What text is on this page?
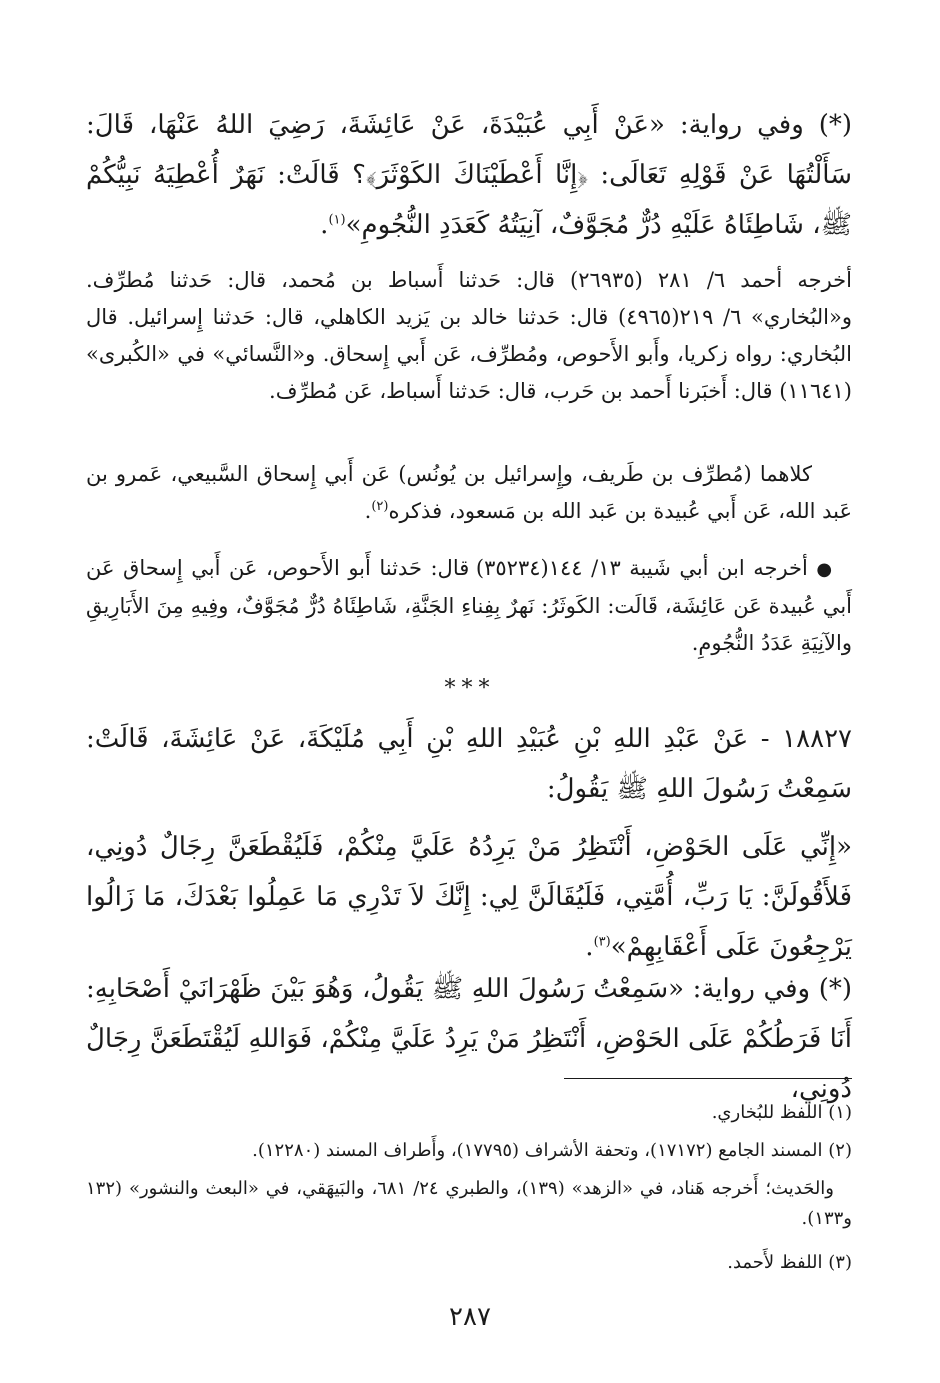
(*) وفي رواية: «عَنْ أَبِي عُبَيْدَةَ، عَنْ عَائِشَةَ، رَضِيَ اللهُ عَنْهَا، قَالَ: سَأَلْتُهَا عَنْ قَوْلِهِ تَعَالَى: ﴿إِنَّا أَعْطَيْنَاكَ الكَوْثَرَ﴾؟ قَالَتْ: نَهَرٌ أُعْطِيَهُ نَبِيُّكُمْ ﷺ، شَاطِئَاهُ عَلَيْهِ دُرٌّ مُجَوَّفٌ، آنِيَتُهُ كَعَدَدِ النُّجُومِ»$^{(١)}$.

أخرجه أحمد ٦/ ٢٨١ (٢٦٩٣٥) قال: حَدثنا أَسباط بن مُحمد، قال: حَدثنا مُطرِّف. و«البُخاري» ٦/ ٢١٩(٤٩٦٥) قال: حَدثنا خالد بن يَزيد الكاهلي، قال: حَدثنا إِسرائيل. قال البُخاري: رواه زكريا، وأَبو الأَحوص، ومُطرِّف، عَن أَبي إِسحاق. و«النَّسائي» في «الكُبرى» (١١٦٤١) قال: أَخبَرنا أَحمد بن حَرب، قال: حَدثنا أَسباط، عَن مُطرِّف.

كلاهما (مُطرِّف بن طَريف، وإِسرائيل بن يُونُس) عَن أَبي إِسحاق السَّبيعي، عَمرو بن عَبد الله، عَن أَبي عُبيدة بن عَبد الله بن مَسعود، فذكره$^{(٢)}$.

● أخرجه ابن أبي شَيبة ١٣/ ١٤٤(٣٥٢٣٤) قال: حَدثنا أَبو الأَحوص، عَن أَبي إِسحاق عَن أَبي عُبيدة عَن عَائِشَة، قَالَت: الكَوثَرُ: نَهرٌ بِفِناءِ الجَنَّةِ، شَاطِئَاهُ دُرٌّ مُجَوَّفٌ، وفِيهِ مِنَ الأَبَارِيقِ والآنِيَةِ عَدَدُ النُّجُومِ.

***

١٨٨٢٧ - عَنْ عَبْدِ اللهِ بْنِ عُبَيْدِ اللهِ بْنِ أَبِي مُلَيْكَةَ، عَنْ عَائِشَةَ، قَالَتْ: سَمِعْتُ رَسُولَ اللهِ ﷺ يَقُولُ:

«إِنِّي عَلَى الحَوْضِ، أَنْتَظِرُ مَنْ يَرِدُهُ عَلَيَّ مِنْكُمْ، فَلَيُقْطَعَنَّ رِجَالٌ دُونِي، فَلأَقُولَنَّ: يَا رَبِّ، أُمَّتِي، فَلَيُقَالَنَّ لِي: إِنَّكَ لاَ تَدْرِي مَا عَمِلُوا بَعْدَكَ، مَا زَالُوا يَرْجِعُونَ عَلَى أَعْقَابِهِمْ»$^{(٣)}$.

(*) وفي رواية: «سَمِعْتُ رَسُولَ اللهِ ﷺ يَقُولُ، وَهُوَ بَيْنَ ظَهْرَانَيْ أَصْحَابِهِ: أَنَا فَرَطُكُمْ عَلَى الحَوْضِ، أَنْتَظِرُ مَنْ يَرِدُ عَلَيَّ مِنْكُمْ، فَوَاللهِ لَيُقْتَطَعَنَّ رِجَالٌ دُونِي،

(١) اللفظ للبُخاري.
(٢) المسند الجامع (١٧١٧٢)، وتحفة الأشراف (١٧٧٩٥)، وأَطراف المسند (١٢٢٨٠).
والحَديث؛ أَخرجه هَناد، في «الزهد» (١٣٩)، والطبري ٢٤/ ٦٨١، والبَيهَقي، في «البعث والنشور» (١٣٢ و١٣٣).
(٣) اللفظ لأَحمد.
٢٨٧
